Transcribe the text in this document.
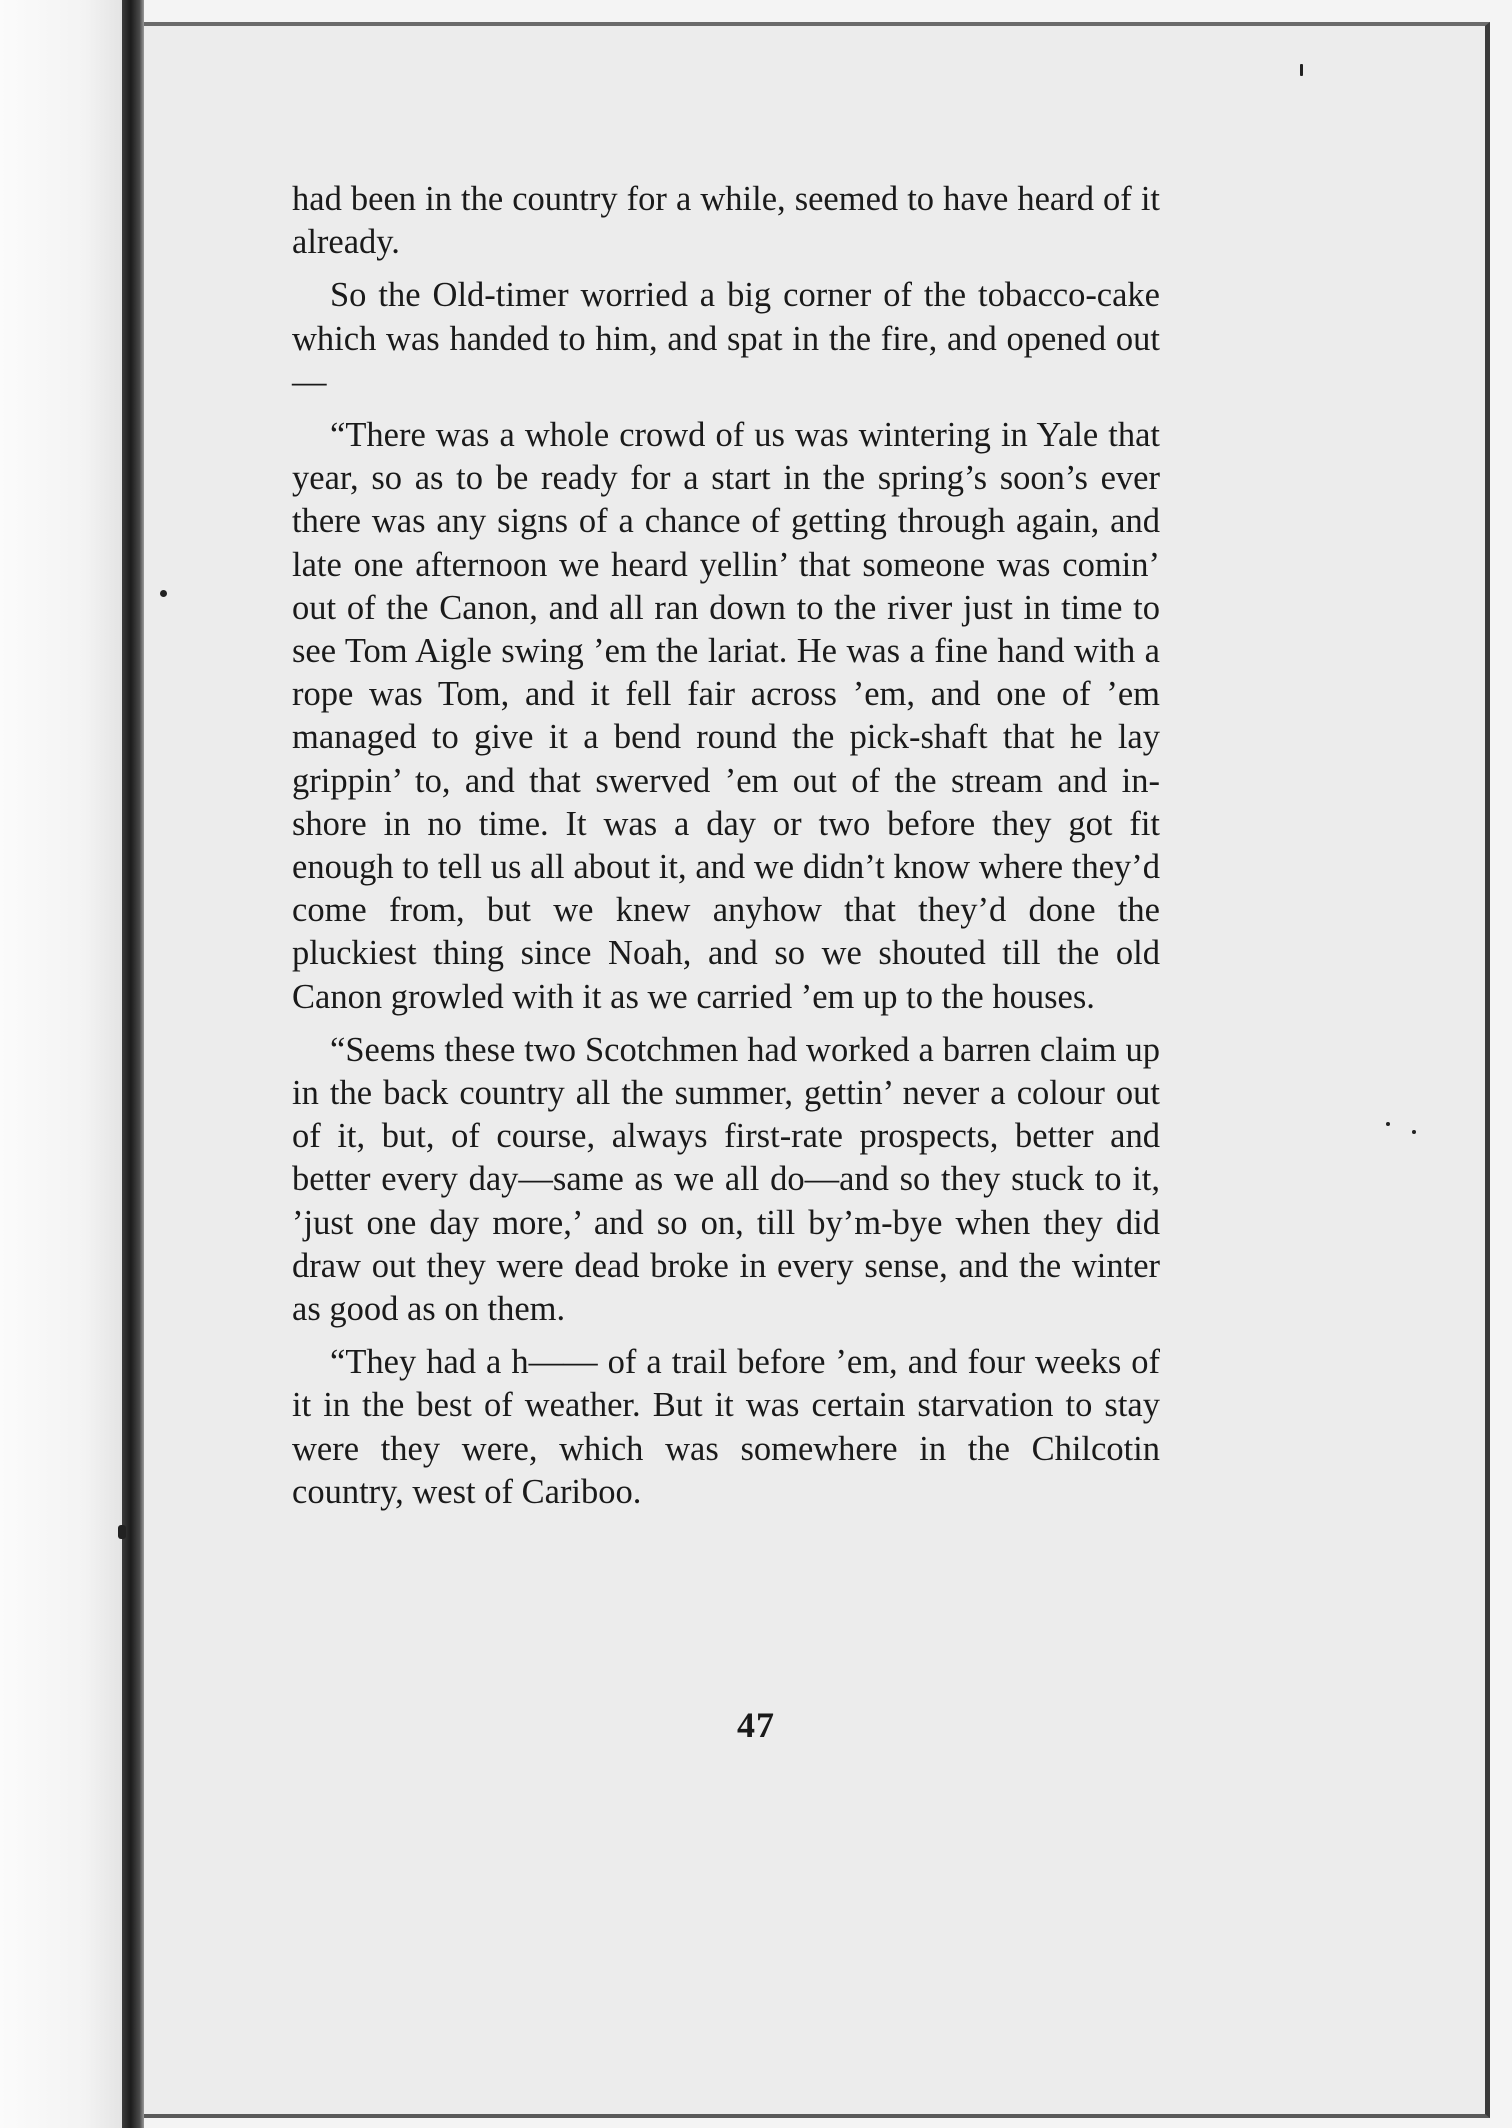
had been in the country for a while, seemed to have heard of it already.

So the Old-timer worried a big corner of the tobacco-cake which was handed to him, and spat in the fire, and opened out—

“There was a whole crowd of us was wintering in Yale that year, so as to be ready for a start in the spring’s soon’s ever there was any signs of a chance of getting through again, and late one afternoon we heard yellin’ that someone was comin’ out of the Canon, and all ran down to the river just in time to see Tom Aigle swing ’em the lariat. He was a fine hand with a rope was Tom, and it fell fair across ’em, and one of ’em managed to give it a bend round the pick-shaft that he lay grippin’ to, and that swerved ’em out of the stream and in-shore in no time. It was a day or two before they got fit enough to tell us all about it, and we didn’t know where they’d come from, but we knew anyhow that they’d done the pluckiest thing since Noah, and so we shouted till the old Canon growled with it as we carried ’em up to the houses.

“Seems these two Scotchmen had worked a barren claim up in the back country all the summer, gettin’ never a colour out of it, but, of course, always first-rate prospects, better and better every day—same as we all do—and so they stuck to it, ’just one day more,’ and so on, till by’m-bye when they did draw out they were dead broke in every sense, and the winter as good as on them.

“They had a h—— of a trail before ’em, and four weeks of it in the best of weather. But it was certain starvation to stay were they were, which was somewhere in the Chilcotin country, west of Cariboo.

47
